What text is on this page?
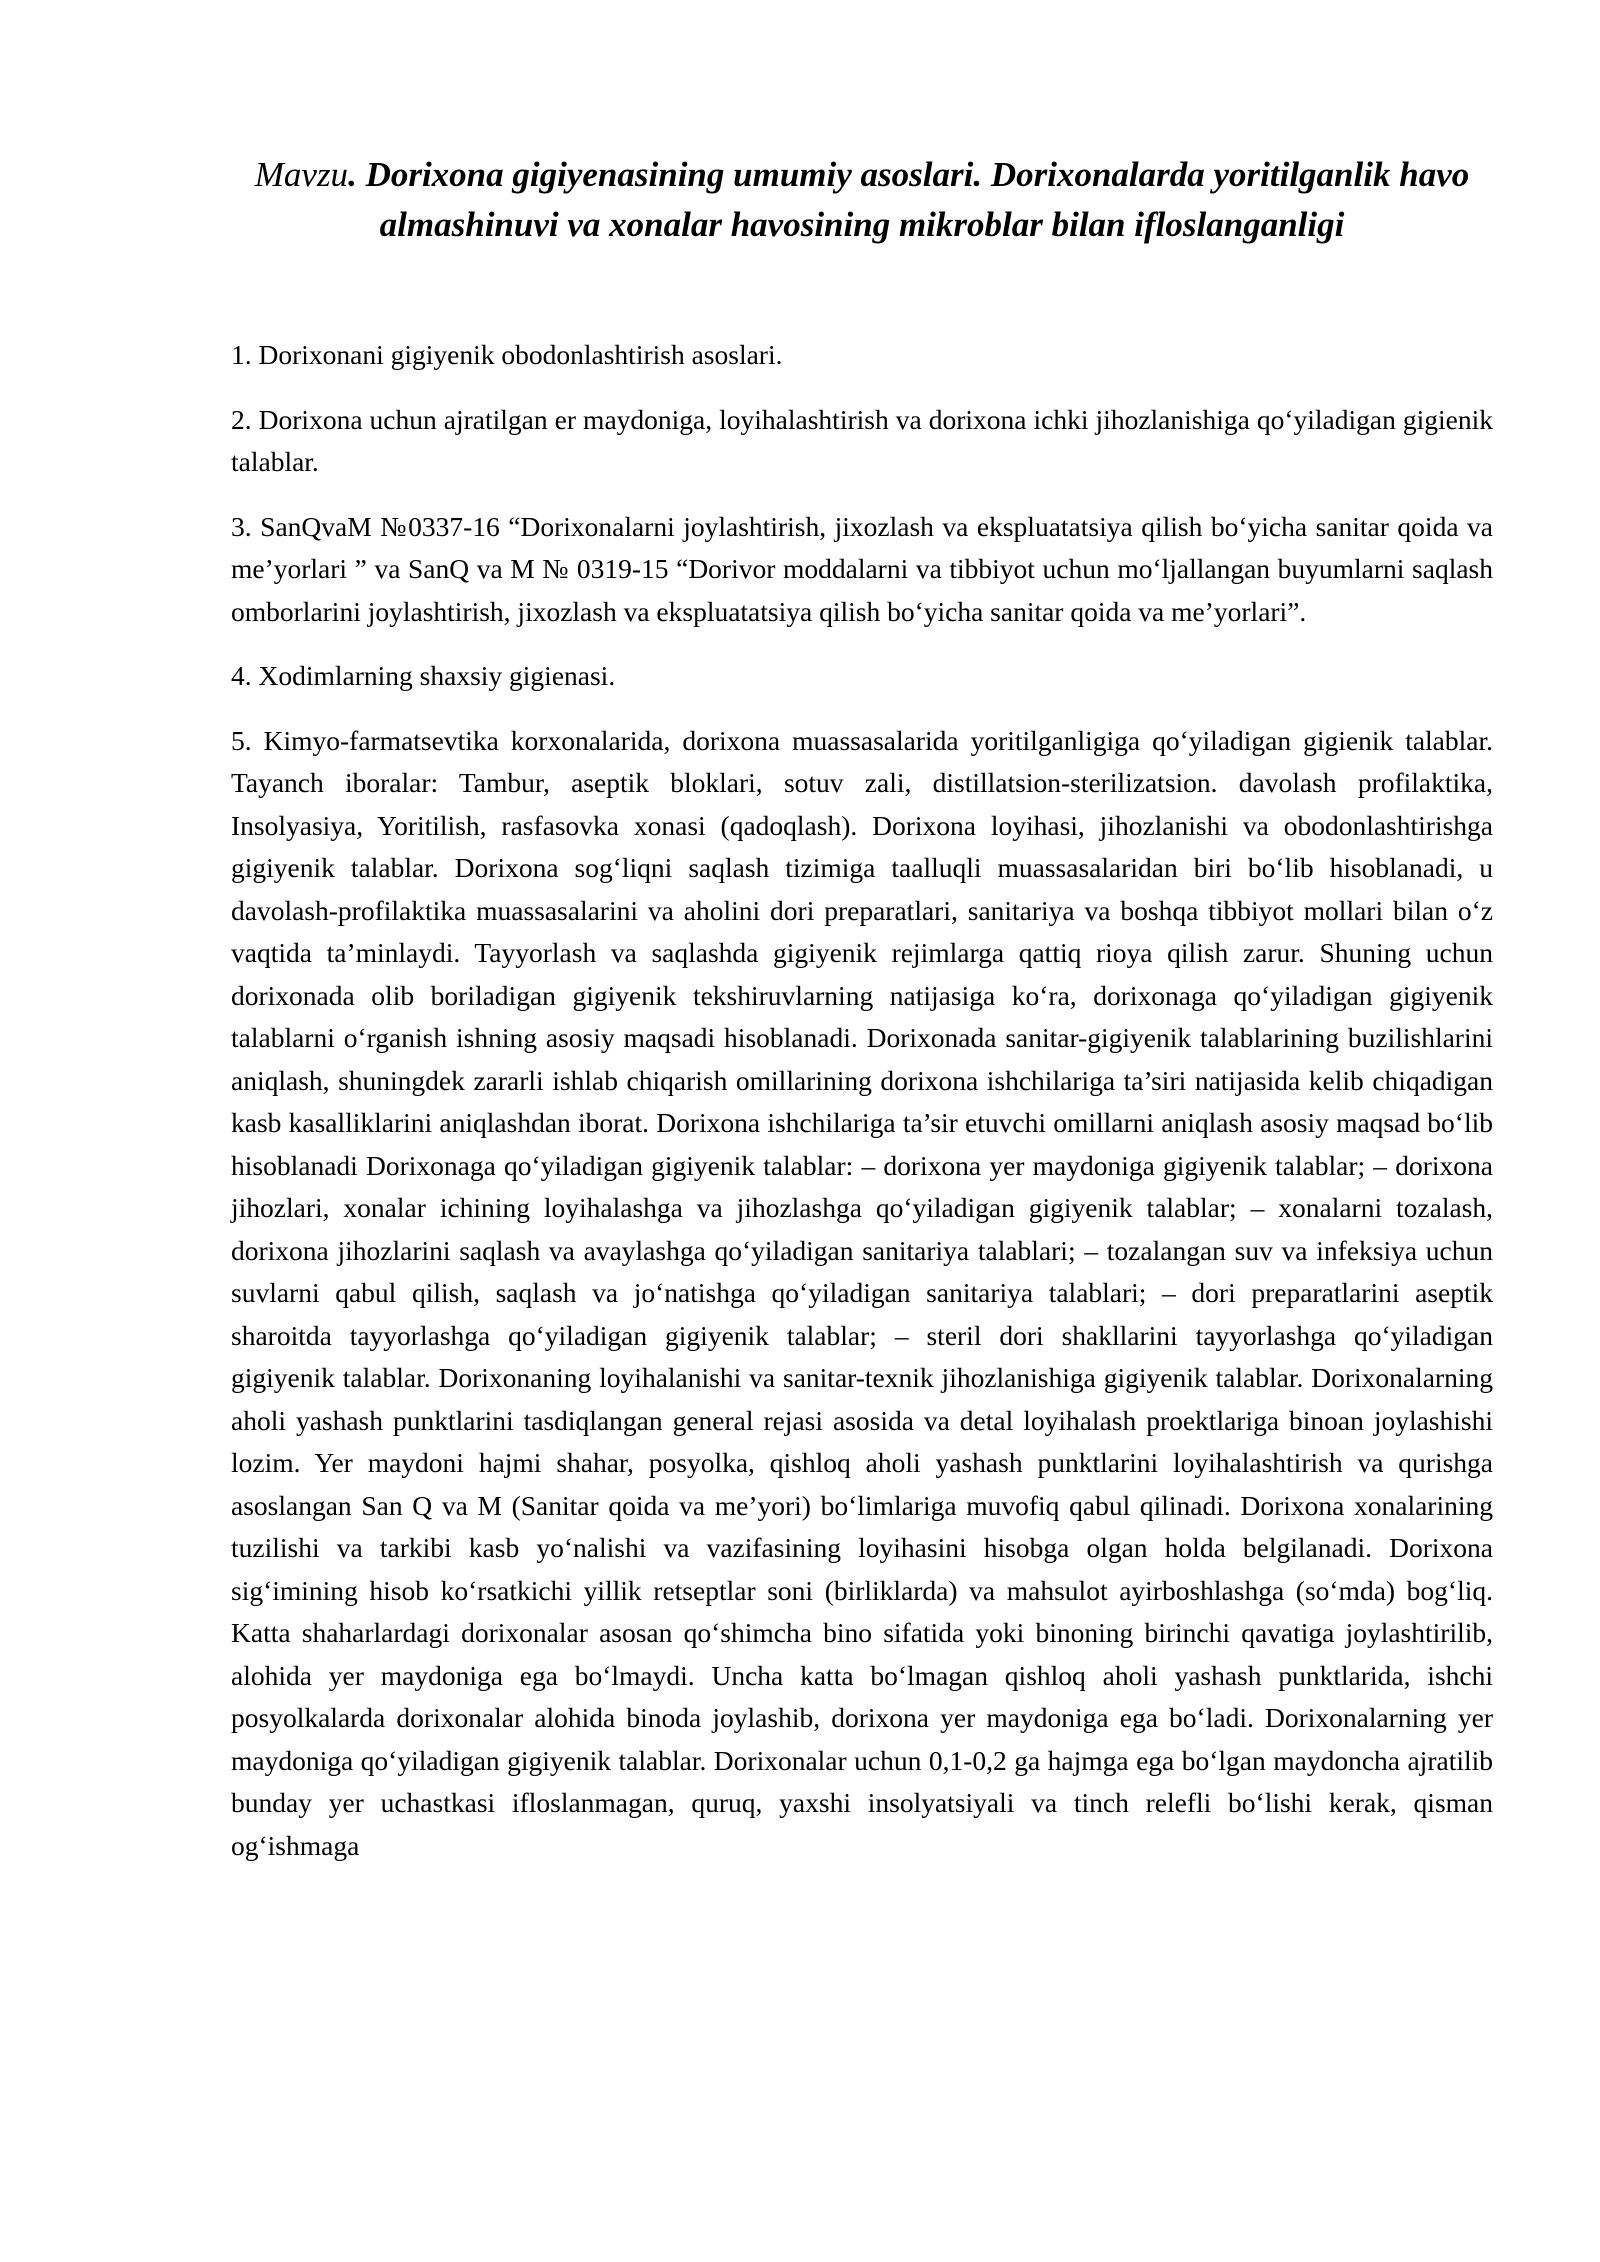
Mavzu. Dorixona gigiyenasining umumiy asoslari. Dorixonalarda yoritilganlik havo almashinuvi va xonalar havosining mikroblar bilan ifloslanganligi

1. Dorixonani gigiyenik obodonlashtirish asoslari.

2. Dorixona uchun ajratilgan er maydoniga, loyihalashtirish va dorixona ichki jihozlanishiga qo‘yiladigan gigienik talablar.

3. SanQvaM №0337-16 “Dorixonalarni joylashtirish, jixozlash va ekspluatatsiya qilish bo‘yicha sanitar qoida va me’yorlari ” va SanQ va M № 0319-15 “Dorivor moddalarni va tibbiyot uchun mo‘ljallangan buyumlarni saqlash omborlarini joylashtirish, jixozlash va ekspluatatsiya qilish bo‘yicha sanitar qoida va me’yorlari”.

4. Xodimlarning shaxsiy gigienasi.

5. Kimyo-farmatsevtika korxonalarida, dorixona muassasalarida yoritilganligiga qo‘yiladigan gigienik talablar. Tayanch iboralar: Tambur, aseptik bloklari, sotuv zali, distillatsion-sterilizatsion. davolash profilaktika, Insolyasiya, Yoritilish, rasfasovka xonasi (qadoqlash). Dorixona loyihasi, jihozlanishi va obodonlashtirishga gigiyenik talablar. Dorixona sog‘liqni saqlash tizimiga taalluqli muassasalaridan biri bo‘lib hisoblanadi, u davolash-profilaktika muassasalarini va aholini dori preparatlari, sanitariya va boshqa tibbiyot mollari bilan o‘z vaqtida ta’minlaydi. Tayyorlash va saqlashda gigiyenik rejimlarga qattiq rioya qilish zarur. Shuning uchun dorixonada olib boriladigan gigiyenik tekshiruvlarning natijasiga ko‘ra, dorixonaga qo‘yiladigan gigiyenik talablarni o‘rganish ishning asosiy maqsadi hisoblanadi. Dorixonada sanitar-gigiyenik talablarining buzilishlarini aniqlash, shuningdek zararli ishlab chiqarish omillarining dorixona ishchilariga ta’siri natijasida kelib chiqadigan kasb kasalliklarini aniqlashdan iborat. Dorixona ishchilariga ta’sir etuvchi omillarni aniqlash asosiy maqsad bo‘lib hisoblanadi Dorixonaga qo‘yiladigan gigiyenik talablar: – dorixona yer maydoniga gigiyenik talablar; – dorixona jihozlari, xonalar ichining loyihalashga va jihozlashga qo‘yiladigan gigiyenik talablar; – xonalarni tozalash, dorixona jihozlarini saqlash va avaylashga qo‘yiladigan sanitariya talablari; – tozalangan suv va infeksiya uchun suvlarni qabul qilish, saqlash va jo‘natishga qo‘yiladigan sanitariya talablari; – dori preparatlarini aseptik sharoitda tayyorlashga qo‘yiladigan gigiyenik talablar; – steril dori shakllarini tayyorlashga qo‘yiladigan gigiyenik talablar. Dorixonaning loyihalanishi va sanitar-texnik jihozlanishiga gigiyenik talablar. Dorixonalarning aholi yashash punktlarini tasdiqlangan general rejasi asosida va detal loyihalash proektlariga binoan joylashishi lozim. Yer maydoni hajmi shahar, posyolka, qishloq aholi yashash punktlarini loyihalashtirish va qurishga asoslangan San Q va M (Sanitar qoida va me’yori) bo‘limlariga muvofiq qabul qilinadi. Dorixona xonalarining tuzilishi va tarkibi kasb yo‘nalishi va vazifasining loyihasini hisobga olgan holda belgilanadi. Dorixona sig‘imining hisob ko‘rsatkichi yillik retseptlar soni (birliklarda) va mahsulot ayirboshlashga (so‘mda) bog‘liq. Katta shaharlardagi dorixonalar asosan qo‘shimcha bino sifatida yoki binoning birinchi qavatiga joylashtirilib, alohida yer maydoniga ega bo‘lmaydi. Uncha katta bo‘lmagan qishloq aholi yashash punktlarida, ishchi posyolkalarda dorixonalar alohida binoda joylashib, dorixona yer maydoniga ega bo‘ladi. Dorixonalarning yer maydoniga qo‘yiladigan gigiyenik talablar. Dorixonalar uchun 0,1-0,2 ga hajmga ega bo‘lgan maydoncha ajratilib bunday yer uchastkasi ifloslanmagan, quruq, yaxshi insolyatsiyali va tinch relefli bo‘lishi kerak, qisman og‘ishmaga
